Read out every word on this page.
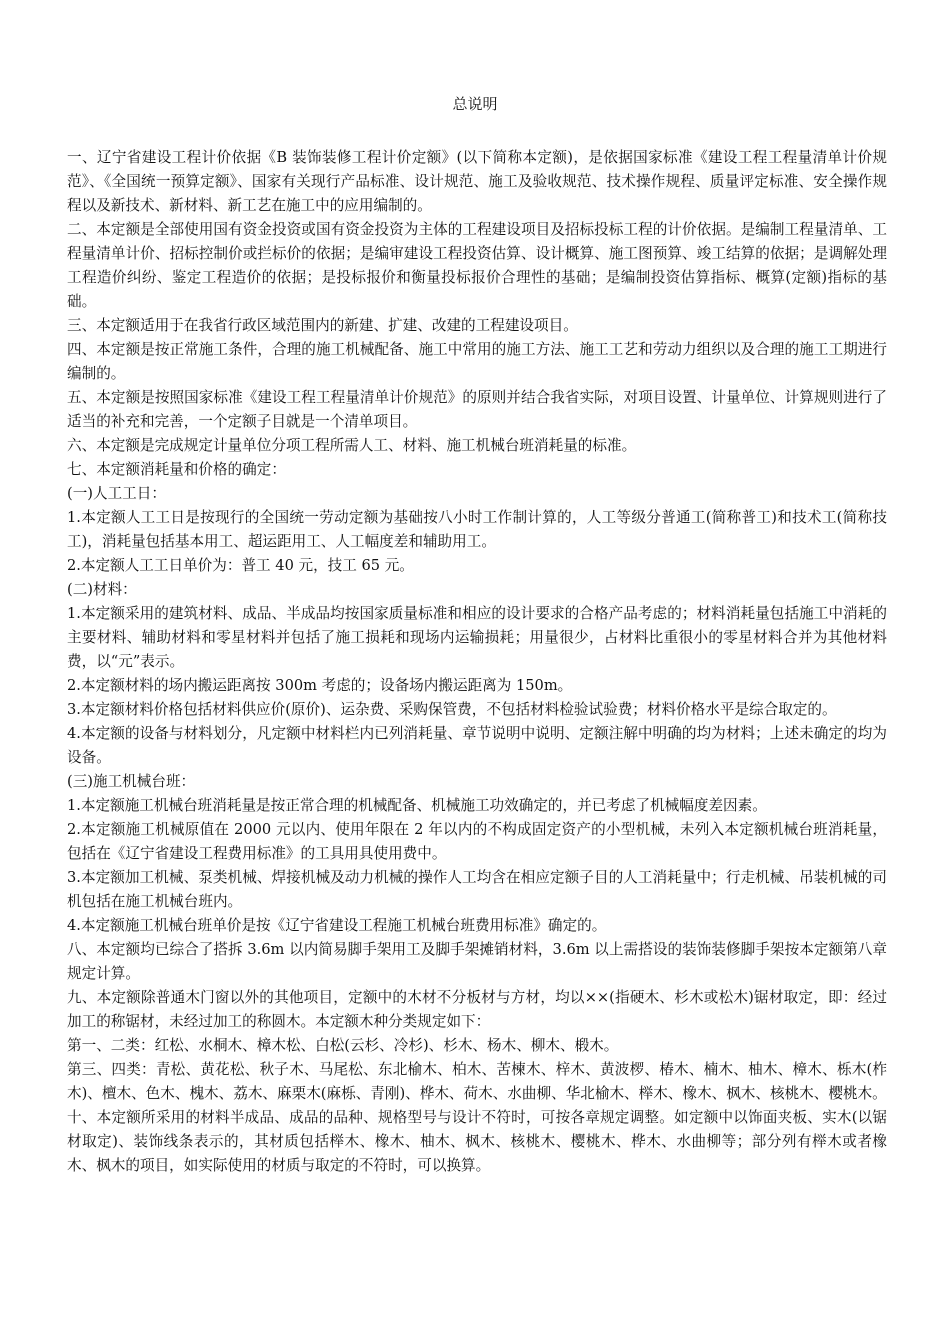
总说明

一、辽宁省建设工程计价依据《B 装饰装修工程计价定额》(以下简称本定额)，是依据国家标准《建设工程工程量清单计价规范》、《全国统一预算定额》、国家有关现行产品标准、设计规范、施工及验收规范、技术操作规程、质量评定标准、安全操作规程以及新技术、新材料、新工艺在施工中的应用编制的。

二、本定额是全部使用国有资金投资或国有资金投资为主体的工程建设项目及招标投标工程的计价依据。是编制工程量清单、工程量清单计价、招标控制价或拦标价的依据；是编审建设工程投资估算、设计概算、施工图预算、竣工结算的依据；是调解处理工程造价纠纷、鉴定工程造价的依据；是投标报价和衡量投标报价合理性的基础；是编制投资估算指标、概算(定额)指标的基础。

三、本定额适用于在我省行政区域范围内的新建、扩建、改建的工程建设项目。

四、本定额是按正常施工条件，合理的施工机械配备、施工中常用的施工方法、施工工艺和劳动力组织以及合理的施工工期进行编制的。

五、本定额是按照国家标准《建设工程工程量清单计价规范》的原则并结合我省实际，对项目设置、计量单位、计算规则进行了适当的补充和完善，一个定额子目就是一个清单项目。

六、本定额是完成规定计量单位分项工程所需人工、材料、施工机械台班消耗量的标准。

七、本定额消耗量和价格的确定：

(一)人工工日：

1.本定额人工工日是按现行的全国统一劳动定额为基础按八小时工作制计算的，人工等级分普通工(简称普工)和技术工(简称技工)，消耗量包括基本用工、超运距用工、人工幅度差和辅助用工。

2.本定额人工工日单价为：普工 40 元，技工 65 元。

(二)材料：

1.本定额采用的建筑材料、成品、半成品均按国家质量标准和相应的设计要求的合格产品考虑的；材料消耗量包括施工中消耗的主要材料、辅助材料和零星材料并包括了施工损耗和现场内运输损耗；用量很少，占材料比重很小的零星材料合并为其他材料费，以“元”表示。

2.本定额材料的场内搬运距离按 300m 考虑的；设备场内搬运距离为 150m。

3.本定额材料价格包括材料供应价(原价)、运杂费、采购保管费，不包括材料检验试验费；材料价格水平是综合取定的。

4.本定额的设备与材料划分，凡定额中材料栏内已列消耗量、章节说明中说明、定额注解中明确的均为材料；上述未确定的均为设备。

(三)施工机械台班：

1.本定额施工机械台班消耗量是按正常合理的机械配备、机械施工功效确定的，并已考虑了机械幅度差因素。

2.本定额施工机械原值在 2000 元以内、使用年限在 2 年以内的不构成固定资产的小型机械，未列入本定额机械台班消耗量，包括在《辽宁省建设工程费用标准》的工具用具使用费中。

3.本定额加工机械、泵类机械、焊接机械及动力机械的操作人工均含在相应定额子目的人工消耗量中；行走机械、吊装机械的司机包括在施工机械台班内。

4.本定额施工机械台班单价是按《辽宁省建设工程施工机械台班费用标准》确定的。

八、本定额均已综合了搭拆 3.6m 以内简易脚手架用工及脚手架摊销材料，3.6m 以上需搭设的装饰装修脚手架按本定额第八章规定计算。

九、本定额除普通木门窗以外的其他项目，定额中的木材不分板材与方材，均以××(指硬木、杉木或松木)锯材取定，即：经过加工的称锯材，未经过加工的称圆木。本定额木种分类规定如下：

第一、二类：红松、水桐木、樟木松、白松(云杉、冷杉)、杉木、杨木、柳木、椴木。

第三、四类：青松、黄花松、秋子木、马尾松、东北榆木、柏木、苦楝木、梓木、黄波椤、椿木、楠木、柚木、樟木、栎木(柞木)、檀木、色木、槐木、荔木、麻栗木(麻栎、青刚)、桦木、荷木、水曲柳、华北榆木、榉木、橡木、枫木、核桃木、樱桃木。

十、本定额所采用的材料半成品、成品的品种、规格型号与设计不符时，可按各章规定调整。如定额中以饰面夹板、实木(以锯材取定)、装饰线条表示的，其材质包括榉木、橡木、柚木、枫木、核桃木、樱桃木、桦木、水曲柳等；部分列有榉木或者橡木、枫木的项目，如实际使用的材质与取定的不符时，可以换算。
